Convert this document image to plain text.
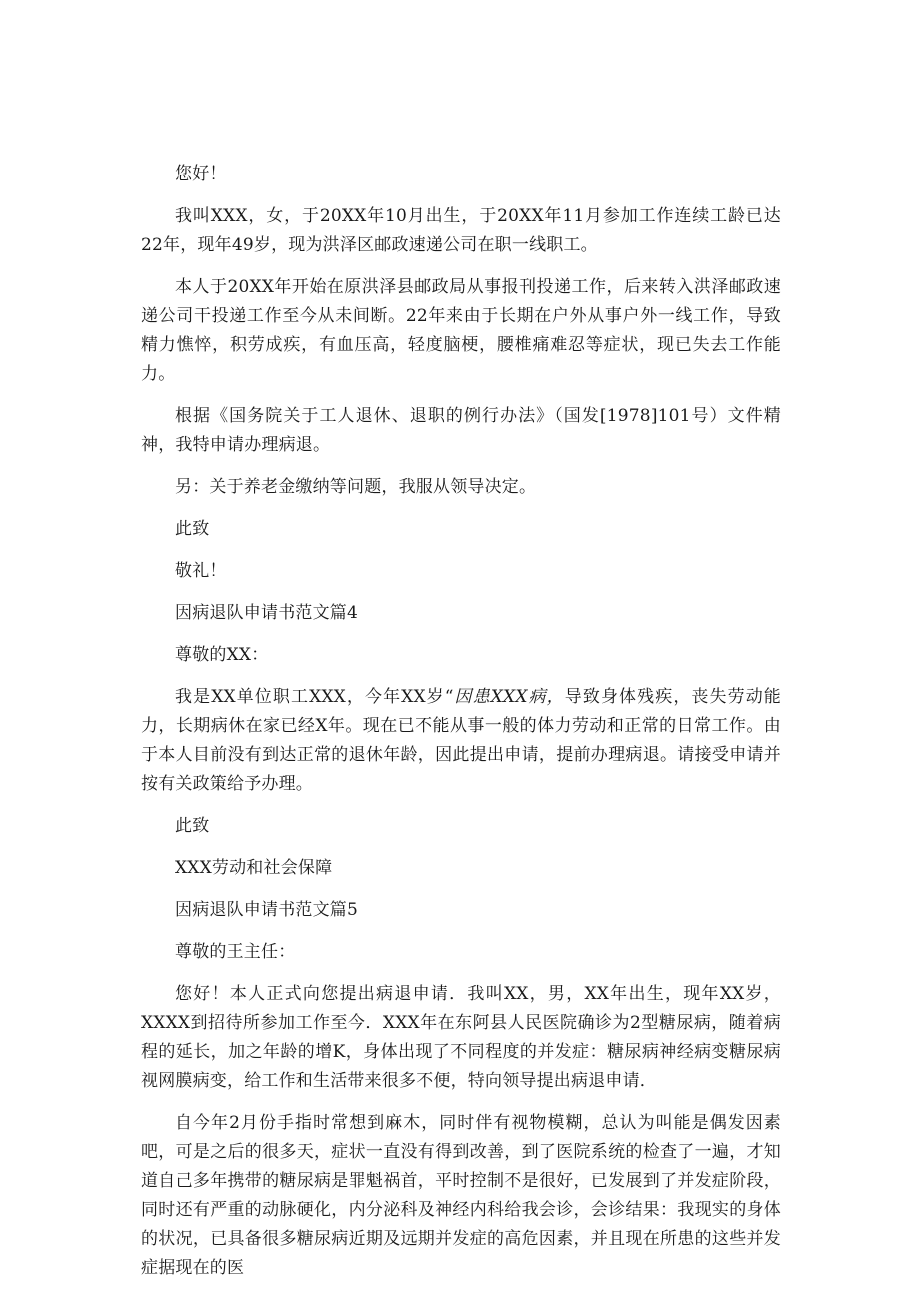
您好！

我叫XXX，女，于20XX年10月出生，于20XX年11月参加工作连续工龄已达22年，现年49岁，现为洪泽区邮政速递公司在职一线职工。

本人于20XX年开始在原洪泽县邮政局从事报刊投递工作，后来转入洪泽邮政速递公司干投递工作至今从未间断。22年来由于长期在户外从事户外一线工作，导致精力憔悴，积劳成疾，有血压高，轻度脑梗，腰椎痛难忍等症状，现已失去工作能力。

根据《国务院关于工人退休、退职的例行办法》（国发[1978]101号）文件精神，我特申请办理病退。

另：关于养老金缴纳等问题，我服从领导决定。

此致

敬礼！

因病退队申请书范文篇4

尊敬的XX：

我是XX单位职工XXX，今年XX岁“因患XXX病，导致身体残疾，丧失劳动能力，长期病休在家已经X年。现在已不能从事一般的体力劳动和正常的日常工作。由于本人目前没有到达正常的退休年龄，因此提出申请，提前办理病退。请接受申请并按有关政策给予办理。

此致

XXX劳动和社会保障

因病退队申请书范文篇5

尊敬的王主任：

您好！本人正式向您提出病退申请．我叫XX，男，XX年出生，现年XX岁，XXXX到招待所参加工作至今．XXX年在东阿县人民医院确诊为2型糖尿病，随着病程的延长，加之年龄的增K，身体出现了不同程度的并发症：糖尿病神经病变糖尿病视网膜病变，给工作和生活带来很多不便，特向领导提出病退申请．

自今年2月份手指时常想到麻木，同时伴有视物模糊，总认为叫能是偶发因素吧，可是之后的很多天，症状一直没有得到改善，到了医院系统的检查了一遍，才知道自己多年携带的糖尿病是罪魁祸首，平时控制不是很好，已发展到了并发症阶段，同时还有严重的动脉硬化，内分泌科及神经内科给我会诊，会诊结果：我现实的身体的状况，已具备很多糖尿病近期及远期并发症的高危因素，并且现在所患的这些并发症据现在的医
